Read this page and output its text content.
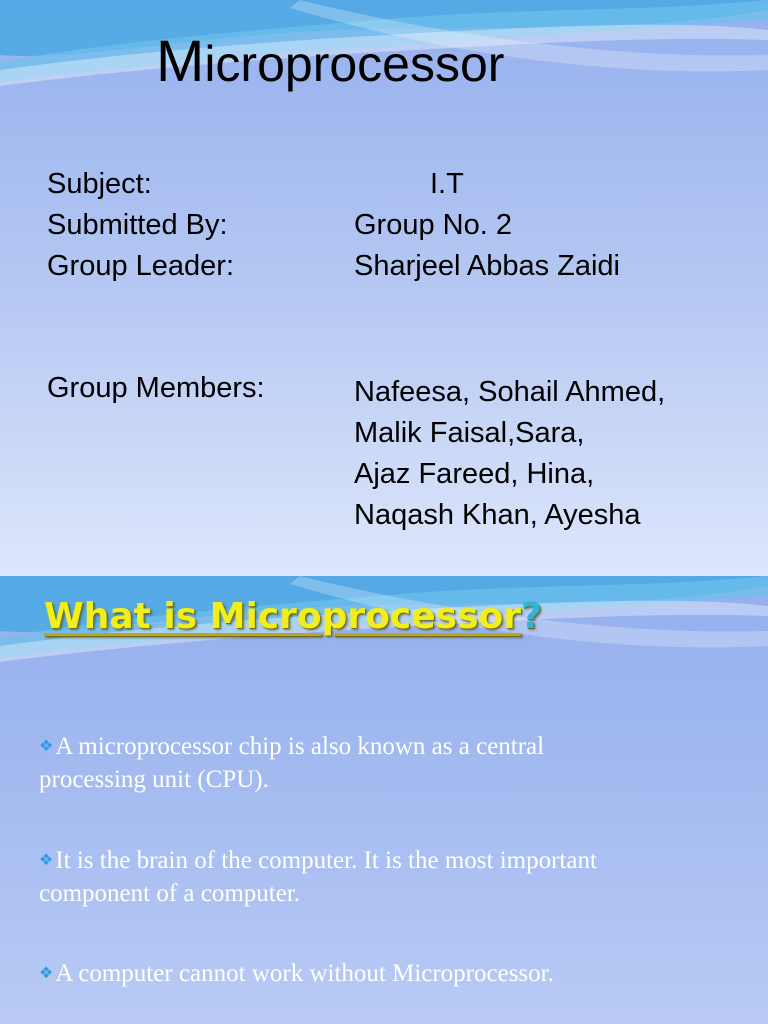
Microprocessor
Subject:	I.T
Submitted By:	Group No. 2
Group Leader:	Sharjeel Abbas Zaidi
Group Members:	Nafeesa, Sohail Ahmed,
Malik Faisal,Sara,
Ajaz Fareed, Hina,
Naqash Khan, Ayesha
What is Microprocessor?
❖A microprocessor chip is also known as a central
processing unit (CPU).
❖It is the brain of the computer. It is the most important
component of a computer.
❖A computer cannot work without Microprocessor.
